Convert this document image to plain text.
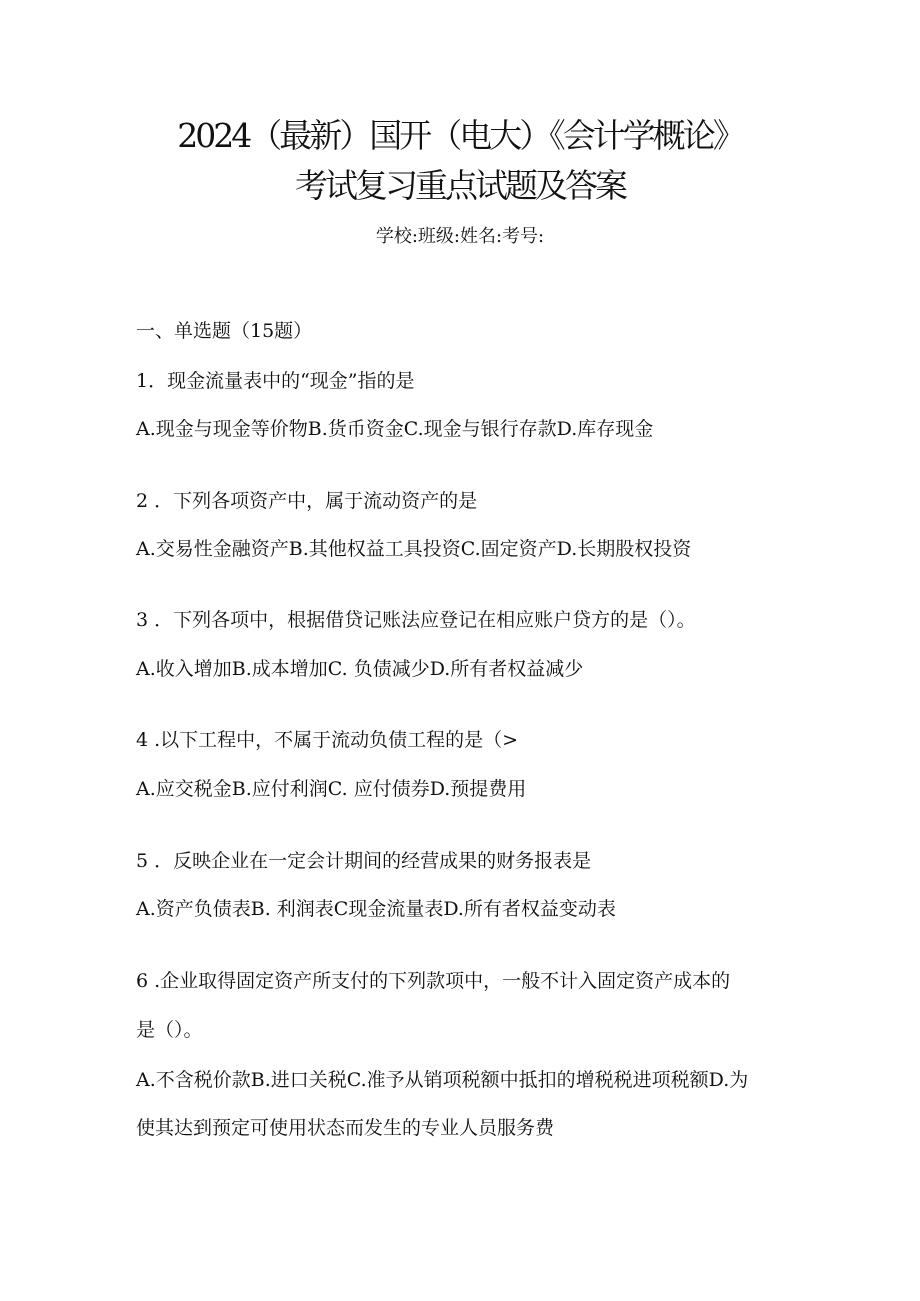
2024（最新）国开（电大）《会计学概论》
考试复习重点试题及答案
学校:班级:姓名:考号:
一、单选题（15题）
1．现金流量表中的“现金”指的是
A.现金与现金等价物B.货币资金C.现金与银行存款D.库存现金
2 ．下列各项资产中，属于流动资产的是
A.交易性金融资产B.其他权益工具投资C.固定资产D.长期股权投资
3 ．下列各项中，根据借贷记账法应登记在相应账户贷方的是（）。
A.收入增加B.成本增加C. 负债减少D.所有者权益减少
4 .以下工程中，不属于流动负债工程的是（>
A.应交税金B.应付利润C. 应付债券D.预提费用
5 ．反映企业在一定会计期间的经营成果的财务报表是
A.资产负债表B. 利润表C现金流量表D.所有者权益变动表
6 .企业取得固定资产所支付的下列款项中，一般不计入固定资产成本的
是（）。
A.不含税价款B.进口关税C.准予从销项税额中抵扣的增税税进项税额D.为
使其达到预定可使用状态而发生的专业人员服务费
